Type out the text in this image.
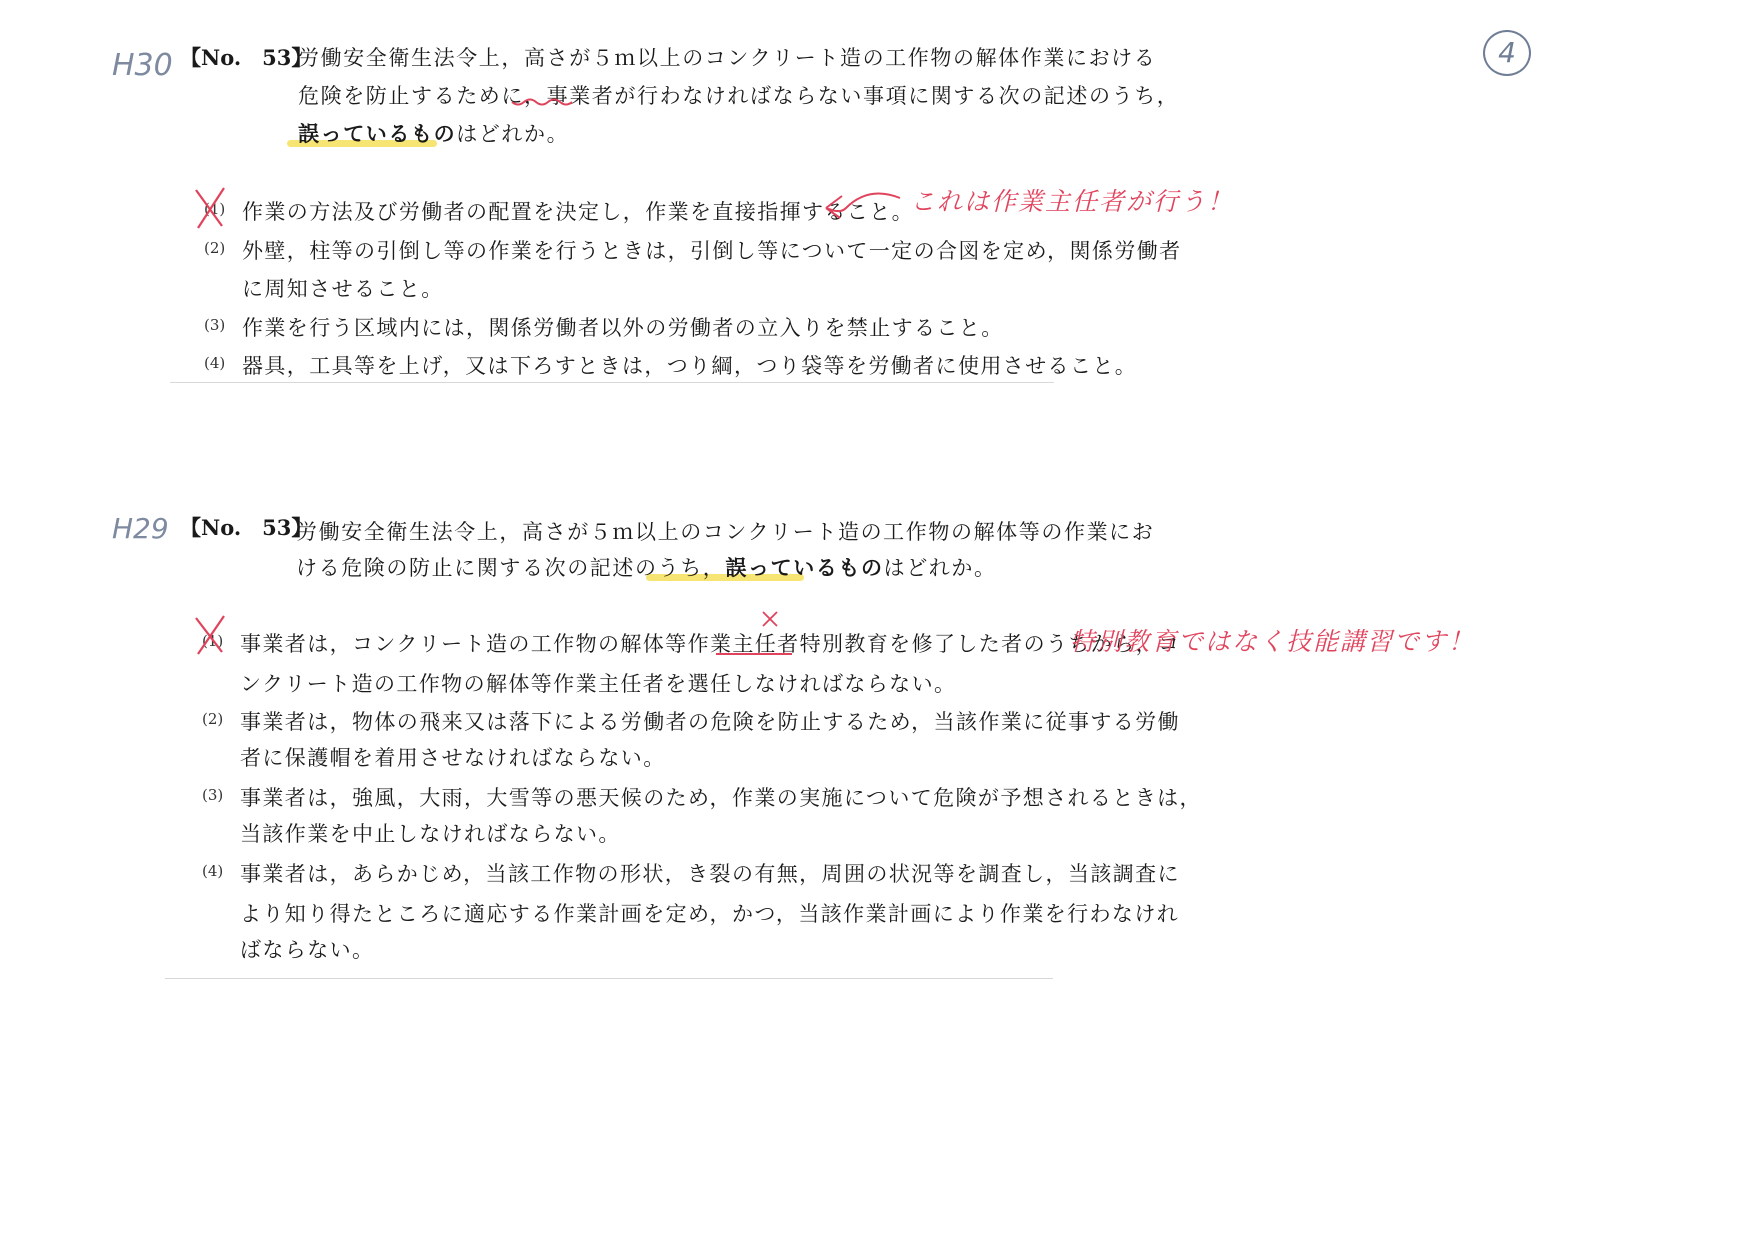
4
H30 【No.　53】
労働安全衛生法令上，高さが５ｍ以上のコンクリート造の工作物の解体作業における
危険を防止するために，事業者が行わなければならない事項に関する次の記述のうち，
誤っているものはどれか。
(1) 作業の方法及び労働者の配置を決定し，作業を直接指揮すること。
(2) 外壁，柱等の引倒し等の作業を行うときは，引倒し等について一定の合図を定め，関係労働者
に周知させること。
(3) 作業を行う区域内には，関係労働者以外の労働者の立入りを禁止すること。
(4) 器具，工具等を上げ，又は下ろすときは，つり綱，つり袋等を労働者に使用させること。
これは作業主任者が行う！
H29 【No.　53】
労働安全衛生法令上，高さが５ｍ以上のコンクリート造の工作物の解体等の作業にお
ける危険の防止に関する次の記述のうち，誤っているものはどれか。
(1) 事業者は，コンクリート造の工作物の解体等作業主任者特別教育を修了した者のうちから，コ
ンクリート造の工作物の解体等作業主任者を選任しなければならない。
(2) 事業者は，物体の飛来又は落下による労働者の危険を防止するため，当該作業に従事する労働
者に保護帽を着用させなければならない。
(3) 事業者は，強風，大雨，大雪等の悪天候のため，作業の実施について危険が予想されるときは，
当該作業を中止しなければならない。
(4) 事業者は，あらかじめ，当該工作物の形状，き裂の有無，周囲の状況等を調査し，当該調査に
より知り得たところに適応する作業計画を定め，かつ，当該作業計画により作業を行わなけれ
ばならない。
特別教育ではなく技能講習です！
